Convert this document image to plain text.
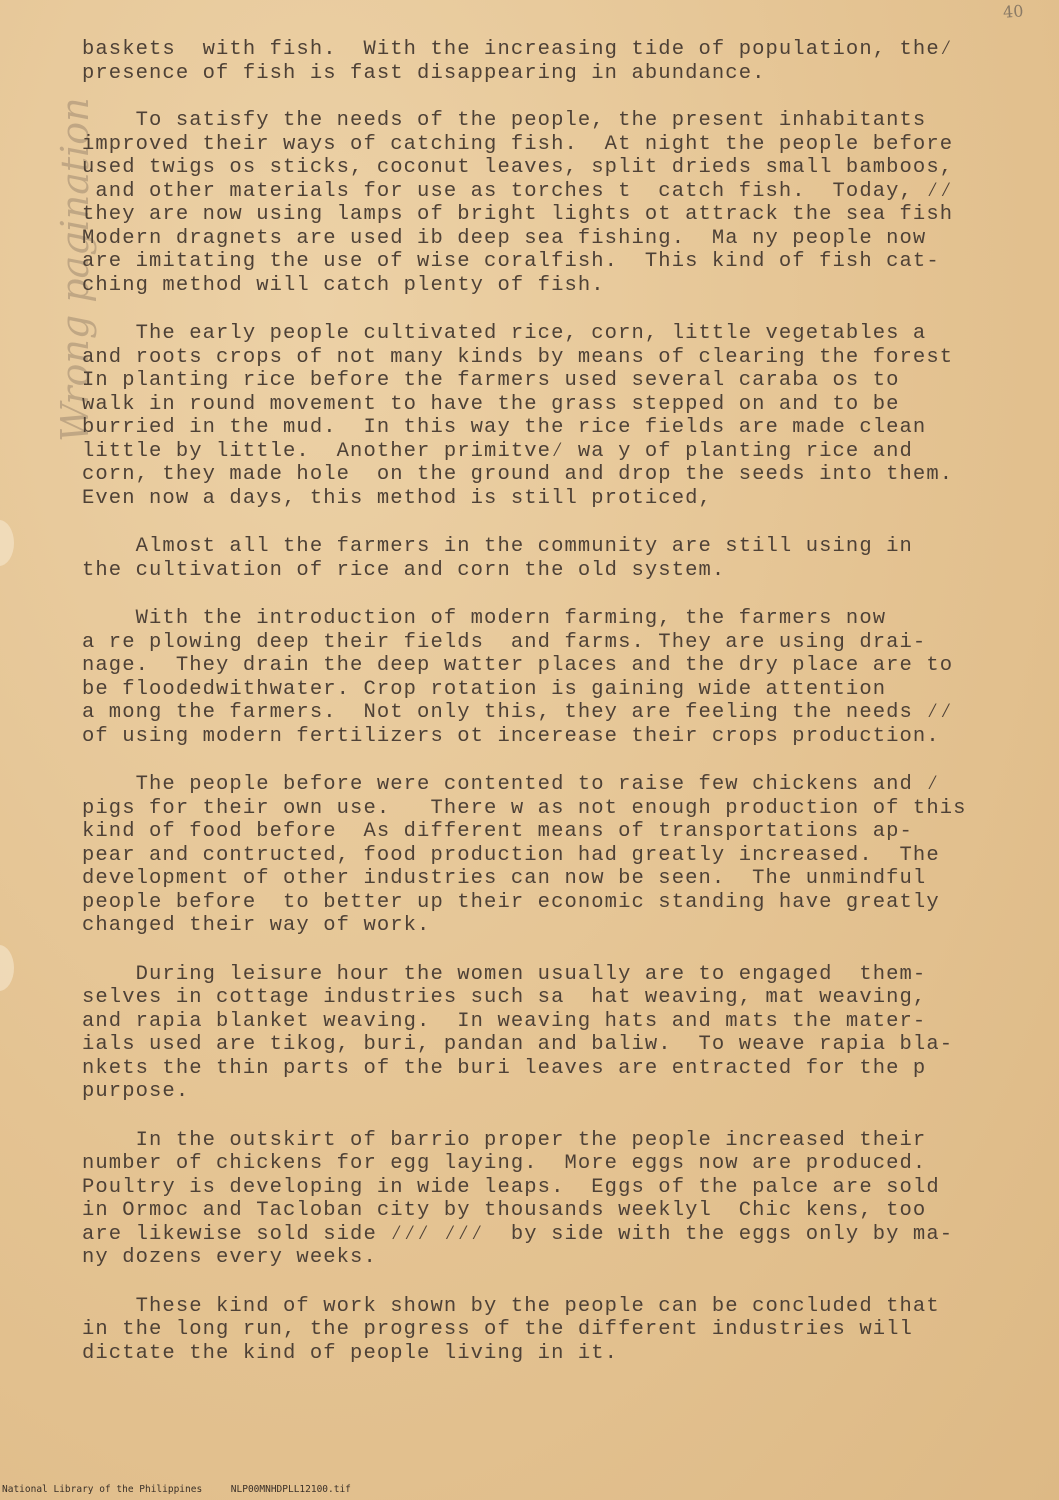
40
Wrong pagination
baskets  with fish.  With the increasing tide of population, the∕
presence of fish is fast disappearing in abundance.
To satisfy the needs of the people, the present inhabitants
improved their ways of catching fish.  At night the people before
used twigs os sticks, coconut leaves, split drieds small bamboos,
and other materials for use as torches t  catch fish.  Today, ∕∕
they are now using lamps of bright lights ot attrack the sea fish
Modern dragnets are used ib deep sea fishing.  Ma ny people now
are imitating the use of wise coralfish.  This kind of fish cat-
ching method will catch plenty of fish.
The early people cultivated rice, corn, little vegetables a
and roots crops of not many kinds by means of clearing the forest
In planting rice before the farmers used several caraba os to
walk in round movement to have the grass stepped on and to be
burried in the mud.  In this way the rice fields are made clean
little by little.  Another primitve∕ wa y of planting rice and
corn, they made hole  on the ground and drop the seeds into them.
Even now a days, this method is still proticed,
Almost all the farmers in the community are still using in
the cultivation of rice and corn the old system.
With the introduction of modern farming, the farmers now
a re plowing deep their fields  and farms. They are using drai-
nage.  They drain the deep watter places and the dry place are to
be floodedwithwater. Crop rotation is gaining wide attention
a mong the farmers.  Not only this, they are feeling the needs ∕∕
of using modern fertilizers ot incerease their crops production.
The people before were contented to raise few chickens and ∕
pigs for their own use.   There w as not enough production of this
kind of food before  As different means of transportations ap-
pear and contructed, food production had greatly increased.  The
development of other industries can now be seen.  The unmindful
people before  to better up their economic standing have greatly
changed their way of work.
During leisure hour the women usually are to engaged  them-
selves in cottage industries such sa  hat weaving, mat weaving,
and rapia blanket weaving.  In weaving hats and mats the mater-
ials used are tikog, buri, pandan and baliw.  To weave rapia bla-
nkets the thin parts of the buri leaves are entracted for the p
purpose.
In the outskirt of barrio proper the people increased their
number of chickens for egg laying.  More eggs now are produced.
Poultry is developing in wide leaps.  Eggs of the palce are sold
in Ormoc and Tacloban city by thousands weeklyl  Chic kens, too
are likewise sold side ∕∕∕ ∕∕∕  by side with the eggs only by ma-
ny dozens every weeks.
These kind of work shown by the people can be concluded that
in the long run, the progress of the different industries will
dictate the kind of people living in it.
National Library of the Philippines     NLP00MNHDPLL12100.tif
